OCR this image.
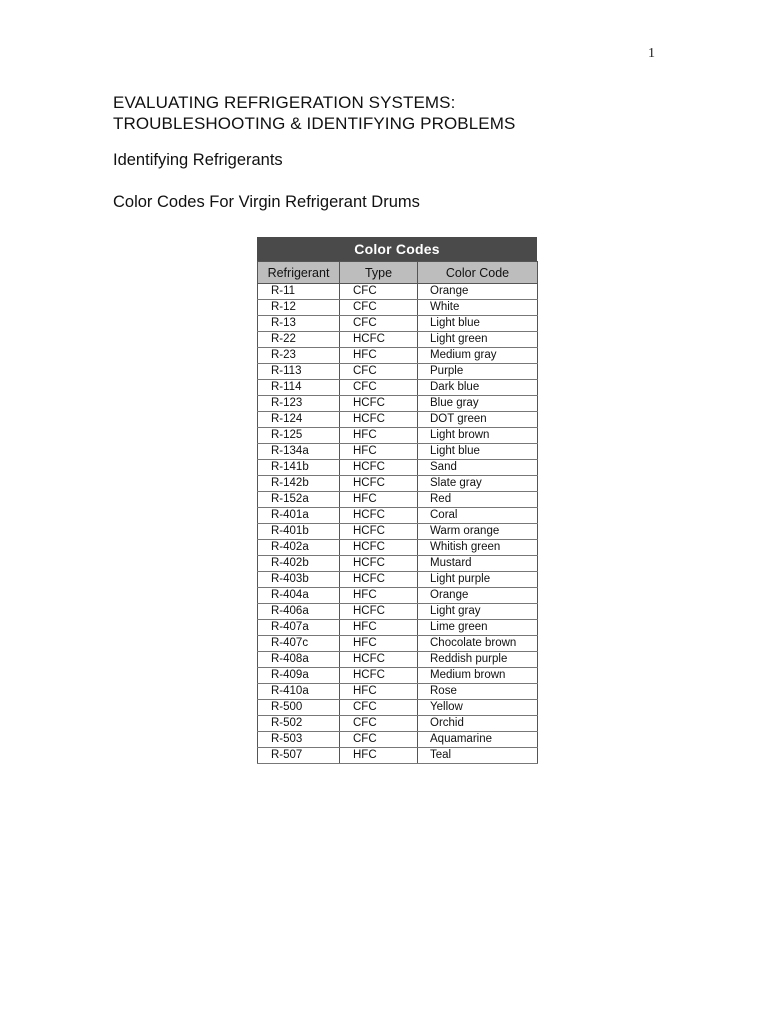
1
EVALUATING REFRIGERATION SYSTEMS:
TROUBLESHOOTING & IDENTIFYING PROBLEMS
Identifying Refrigerants
Color Codes For Virgin Refrigerant Drums
Color Codes
Refrigerant	Type	Color Code
R-11	CFC	Orange
R-12	CFC	White
R-13	CFC	Light blue
R-22	HCFC	Light green
R-23	HFC	Medium gray
R-113	CFC	Purple
R-114	CFC	Dark blue
R-123	HCFC	Blue gray
R-124	HCFC	DOT green
R-125	HFC	Light brown
R-134a	HFC	Light blue
R-141b	HCFC	Sand
R-142b	HCFC	Slate gray
R-152a	HFC	Red
R-401a	HCFC	Coral
R-401b	HCFC	Warm orange
R-402a	HCFC	Whitish green
R-402b	HCFC	Mustard
R-403b	HCFC	Light purple
R-404a	HFC	Orange
R-406a	HCFC	Light gray
R-407a	HFC	Lime green
R-407c	HFC	Chocolate brown
R-408a	HCFC	Reddish purple
R-409a	HCFC	Medium brown
R-410a	HFC	Rose
R-500	CFC	Yellow
R-502	CFC	Orchid
R-503	CFC	Aquamarine
R-507	HFC	Teal
